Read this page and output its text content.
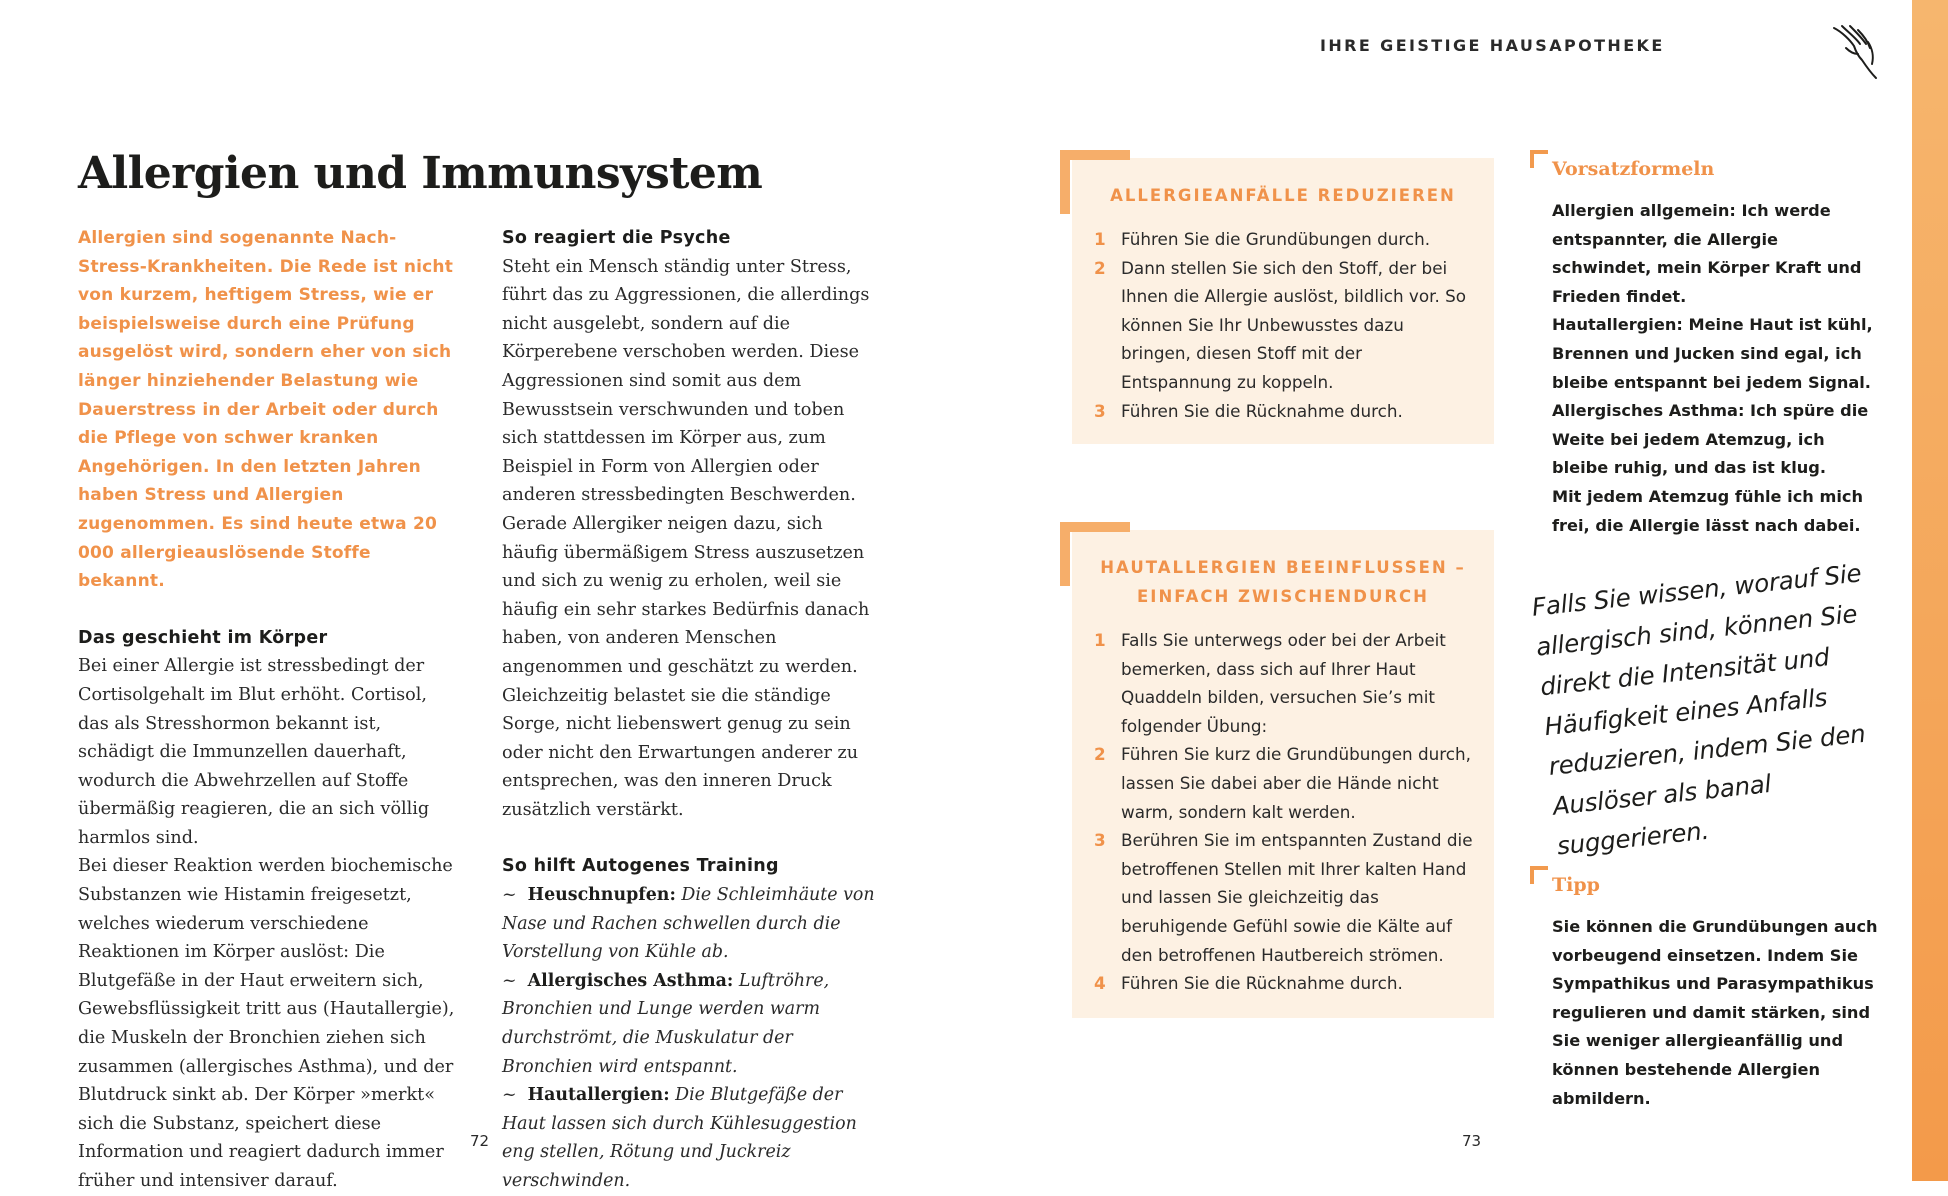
IHRE GEISTIGE HAUSAPOTHEKE
Allergien und Immunsystem

Allergien sind sogenannte Nach-Stress-Krankheiten. Die Rede ist nicht von kurzem, heftigem Stress, wie er beispielsweise durch eine Prüfung ausgelöst wird, sondern eher von sich länger hinziehender Belastung wie Dauerstress in der Arbeit oder durch die Pflege von schwer kranken Angehörigen. In den letzten Jahren haben Stress und Allergien zugenommen. Es sind heute etwa 20 000 allergieauslösende Stoffe bekannt.

Das geschieht im Körper

Bei einer Allergie ist stressbedingt der Cortisolgehalt im Blut erhöht. Cortisol, das als Stresshormon bekannt ist, schädigt die Immunzellen dauerhaft, wodurch die Abwehrzellen auf Stoffe übermäßig reagieren, die an sich völlig harmlos sind.

Bei dieser Reaktion werden biochemische Substanzen wie Histamin freigesetzt, welches wiederum verschiedene Reaktionen im Körper auslöst: Die Blutgefäße in der Haut erweitern sich, Gewebsflüssigkeit tritt aus (Hautallergie), die Muskeln der Bronchien ziehen sich zusammen (allergisches Asthma), und der Blutdruck sinkt ab. Der Körper »merkt« sich die Substanz, speichert diese Information und reagiert dadurch immer früher und intensiver darauf.

So reagiert die Psyche

Steht ein Mensch ständig unter Stress, führt das zu Aggressionen, die allerdings nicht ausgelebt, sondern auf die Körperebene verschoben werden. Diese Aggressionen sind somit aus dem Bewusstsein verschwunden und toben sich stattdessen im Körper aus, zum Beispiel in Form von Allergien oder anderen stressbedingten Beschwerden.

Gerade Allergiker neigen dazu, sich häufig übermäßigem Stress auszusetzen und sich zu wenig zu erholen, weil sie häufig ein sehr starkes Bedürfnis danach haben, von anderen Menschen angenommen und geschätzt zu werden. Gleichzeitig belastet sie die ständige Sorge, nicht liebenswert genug zu sein oder nicht den Erwartungen anderer zu entsprechen, was den inneren Druck zusätzlich verstärkt.

So hilft Autogenes Training

~ Heuschnupfen: Die Schleimhäute von Nase und Rachen schwellen durch die Vorstellung von Kühle ab.
~ Allergisches Asthma: Luftröhre, Bronchien und Lunge werden warm durchströmt, die Muskulatur der Bronchien wird entspannt.
~ Hautallergien: Die Blutgefäße der Haut lassen sich durch Kühlesuggestion eng stellen, Rötung und Juckreiz verschwinden.
72
ALLERGIEANFÄLLE REDUZIEREN
1 Führen Sie die Grundübungen durch.
2 Dann stellen Sie sich den Stoff, der bei Ihnen die Allergie auslöst, bildlich vor. So können Sie Ihr Unbewusstes dazu bringen, diesen Stoff mit der Entspannung zu koppeln.
3 Führen Sie die Rücknahme durch.
HAUTALLERGIEN BEEINFLUSSEN –
EINFACH ZWISCHENDURCH
1 Falls Sie unterwegs oder bei der Arbeit bemerken, dass sich auf Ihrer Haut Quaddeln bilden, versuchen Sie’s mit folgender Übung:
2 Führen Sie kurz die Grundübungen durch, lassen Sie dabei aber die Hände nicht warm, sondern kalt werden.
3 Berühren Sie im entspannten Zustand die betroffenen Stellen mit Ihrer kalten Hand und lassen Sie gleichzeitig das beruhigende Gefühl sowie die Kälte auf den betroffenen Hautbereich strömen.
4 Führen Sie die Rücknahme durch.
Vorsatzformeln
Allergien allgemein: Ich werde entspannter, die Allergie schwindet, mein Körper Kraft und Frieden findet.
Hautallergien: Meine Haut ist kühl, Brennen und Jucken sind egal, ich bleibe entspannt bei jedem Signal.
Allergisches Asthma: Ich spüre die Weite bei jedem Atemzug, ich bleibe ruhig, und das ist klug.
Mit jedem Atemzug fühle ich mich frei, die Allergie lässt nach dabei.
Falls Sie wissen, worauf Sie allergisch sind, können Sie direkt die Intensität und Häufigkeit eines Anfalls reduzieren, indem Sie den Auslöser als banal suggerieren.
Tipp
Sie können die Grundübungen auch vorbeugend einsetzen. Indem Sie Sympathikus und Parasympathikus regulieren und damit stärken, sind Sie weniger allergieanfällig und können bestehende Allergien abmildern.
73
